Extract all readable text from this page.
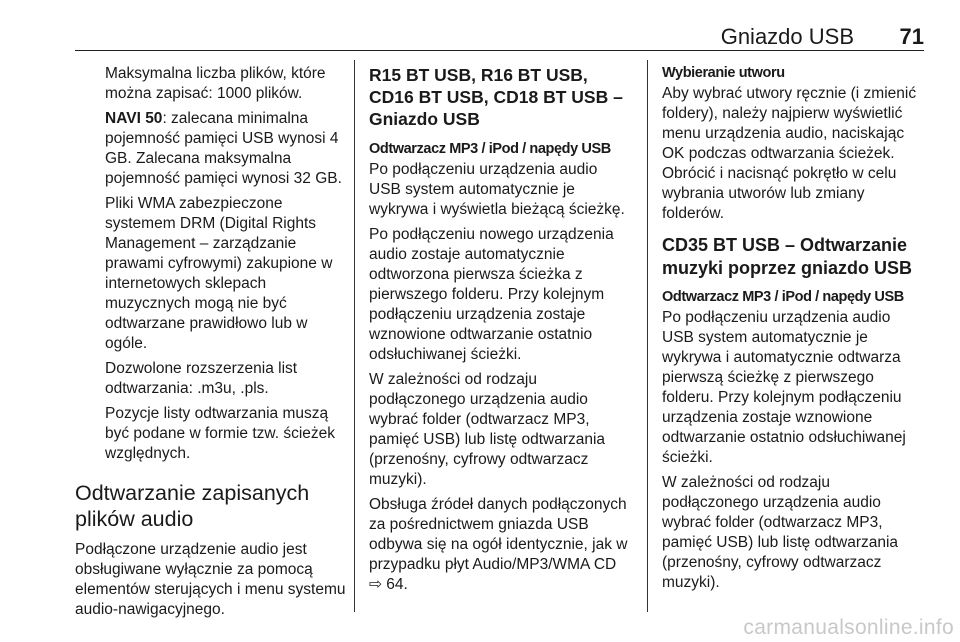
Gniazdo USB 71

Maksymalna liczba plików, które można zapisać: 1000 plików.

NAVI 50: zalecana minimalna pojemność pamięci USB wynosi 4 GB. Zalecana maksymalna pojemność pamięci wynosi 32 GB.

Pliki WMA zabezpieczone systemem DRM (Digital Rights Management – zarządzanie prawami cyfrowymi) zakupione w internetowych sklepach muzycznych mogą nie być odtwarzane prawidłowo lub w ogóle.

Dozwolone rozszerzenia list odtwarzania: .m3u, .pls.

Pozycje listy odtwarzania muszą być podane w formie tzw. ścieżek względnych.

Odtwarzanie zapisanych plików audio

Podłączone urządzenie audio jest obsługiwane wyłącznie za pomocą elementów sterujących i menu systemu audio-nawigacyjnego.

R15 BT USB, R16 BT USB, CD16 BT USB, CD18 BT USB – Gniazdo USB
Odtwarzacz MP3 / iPod / napędy USB

Po podłączeniu urządzenia audio USB system automatycznie je wykrywa i wyświetla bieżącą ścieżkę.

Po podłączeniu nowego urządzenia audio zostaje automatycznie odtworzona pierwsza ścieżka z pierwszego folderu. Przy kolejnym podłączeniu urządzenia zostaje wznowione odtwarzanie ostatnio odsłuchiwanej ścieżki.

W zależności od rodzaju podłączonego urządzenia audio wybrać folder (odtwarzacz MP3, pamięć USB) lub listę odtwarzania (przenośny, cyfrowy odtwarzacz muzyki).

Obsługa źródeł danych podłączonych za pośrednictwem gniazda USB odbywa się na ogół identycznie, jak w przypadku płyt Audio/MP3/WMA CD ⇨ 64.

Wybieranie utworu

Aby wybrać utwory ręcznie (i zmienić foldery), należy najpierw wyświetlić menu urządzenia audio, naciskając OK podczas odtwarzania ścieżek. Obrócić i nacisnąć pokrętło w celu wybrania utworów lub zmiany folderów.

CD35 BT USB – Odtwarzanie muzyki poprzez gniazdo USB
Odtwarzacz MP3 / iPod / napędy USB

Po podłączeniu urządzenia audio USB system automatycznie je wykrywa i automatycznie odtwarza pierwszą ścieżkę z pierwszego folderu. Przy kolejnym podłączeniu urządzenia zostaje wznowione odtwarzanie ostatnio odsłuchiwanej ścieżki.

W zależności od rodzaju podłączonego urządzenia audio wybrać folder (odtwarzacz MP3, pamięć USB) lub listę odtwarzania (przenośny, cyfrowy odtwarzacz muzyki).

carmanualsonline.info
